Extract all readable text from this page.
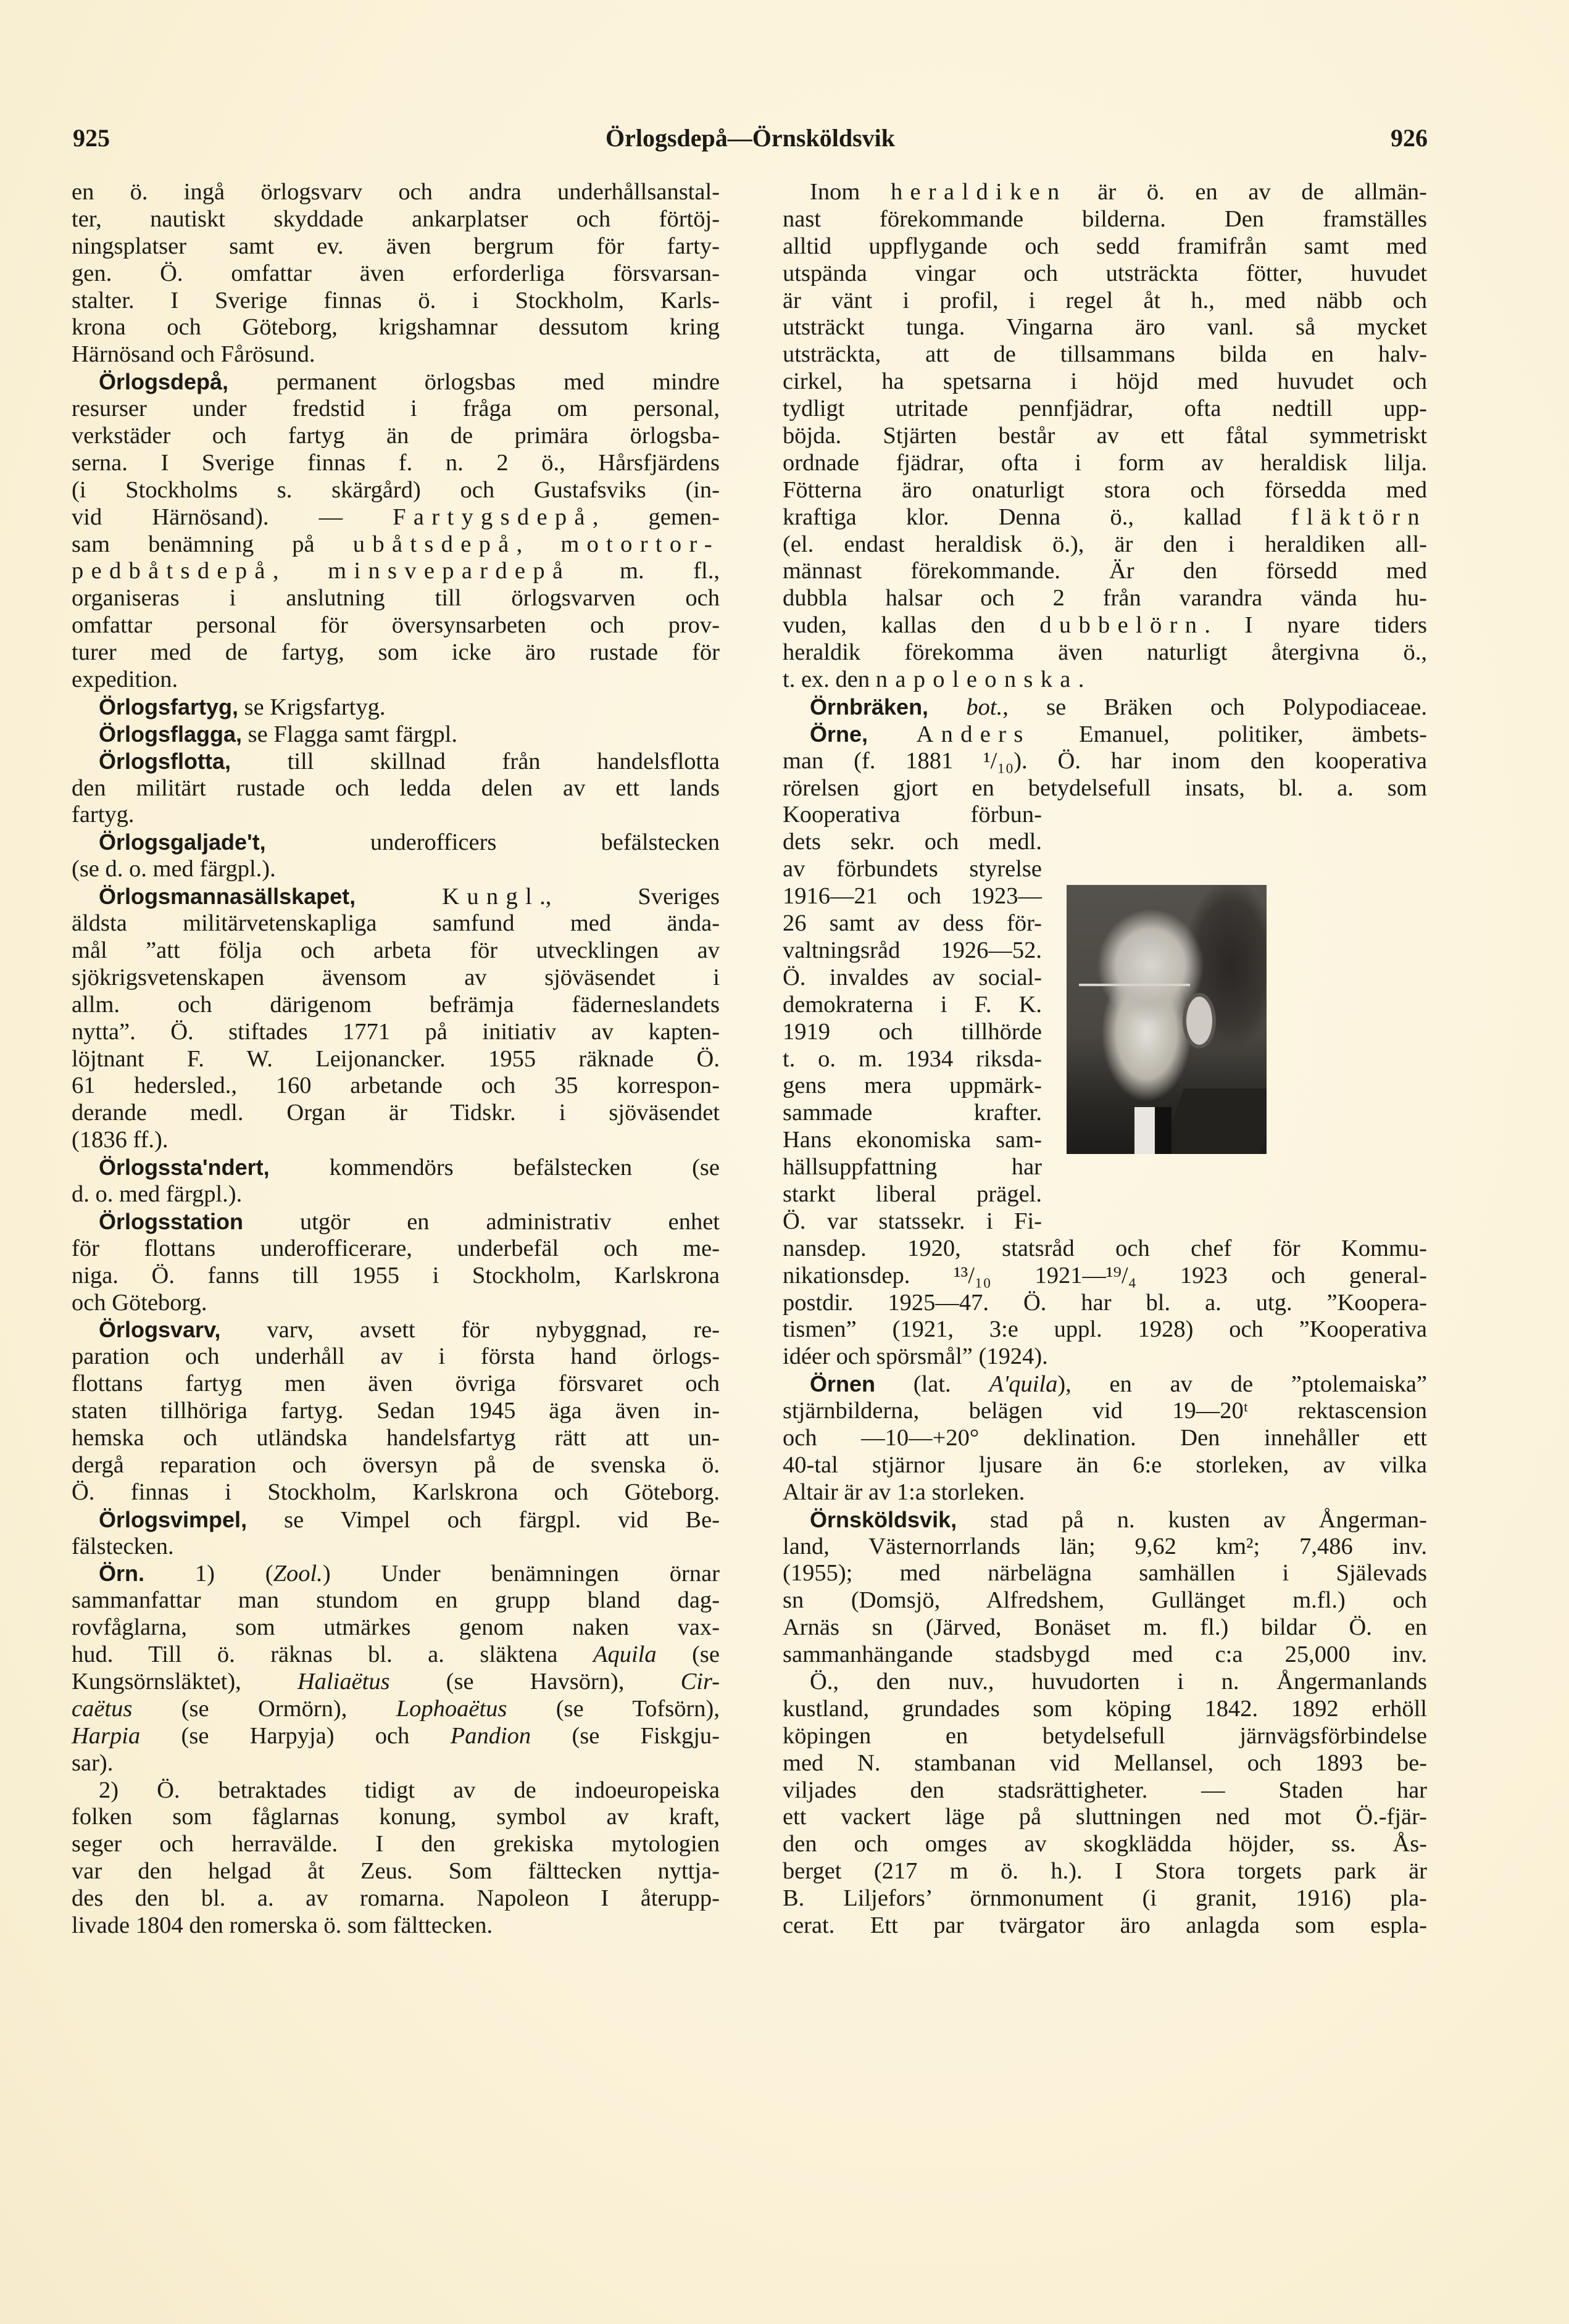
925	Örlogsdepå—Örnsköldsvik	926
en ö. ingå örlogsvarv och andra underhållsanstal-
ter, nautiskt skyddade ankarplatser och förtöj-
ningsplatser samt ev. även bergrum för farty-
gen. Ö. omfattar även erforderliga försvarsan-
stalter. I Sverige finnas ö. i Stockholm, Karls-
krona och Göteborg, krigshamnar dessutom kring
Härnösand och Fårösund.
Örlogsdepå, permanent örlogsbas med mindre
resurser under fredstid i fråga om personal,
verkstäder och fartyg än de primära örlogsba-
serna. I Sverige finnas f. n. 2 ö., Hårsfjärdens
(i Stockholms s. skärgård) och Gustafsviks (in-
vid Härnösand). — Fartygsdepå, gemen-
sam benämning på ubåtsdepå, motortor-
pedbåtsdepå, minsvepardepå m. fl.,
organiseras i anslutning till örlogsvarven och
omfattar personal för översynsarbeten och prov-
turer med de fartyg, som icke äro rustade för
expedition.
Örlogsfartyg, se Krigsfartyg.
Örlogsflagga, se Flagga samt färgpl.
Örlogsflotta, till skillnad från handelsflotta
den militärt rustade och ledda delen av ett lands
fartyg.
Örlogsgaljade't, underofficers befälstecken
(se d. o. med färgpl.).
Örlogsmannasällskapet,	Kungl., Sveriges
äldsta militärvetenskapliga samfund med ända-
mål ”att följa och arbeta för utvecklingen av
sjökrigsvetenskapen ävensom av sjöväsendet i
allm. och därigenom befrämja fäderneslandets
nytta”. Ö. stiftades 1771 på initiativ av kapten-
löjtnant F. W. Leijonancker. 1955 räknade Ö.
61 hedersled., 160 arbetande och 35 korrespon-
derande medl. Organ är Tidskr. i sjöväsendet
(1836 ff.).
Örlogssta'ndert, kommendörs befälstecken (se
d. o. med färgpl.).
Örlogsstation utgör en administrativ enhet
för flottans underofficerare, underbefäl och me-
niga. Ö. fanns till 1955 i Stockholm, Karlskrona
och Göteborg.
Örlogsvarv, varv, avsett för nybyggnad, re-
paration och underhåll av i första hand örlogs-
flottans fartyg men även övriga försvaret och
staten tillhöriga fartyg. Sedan 1945 äga även in-
hemska och utländska handelsfartyg rätt att un-
dergå reparation och översyn på de svenska ö.
Ö. finnas i Stockholm, Karlskrona och Göteborg.
Örlogsvimpel, se Vimpel och färgpl. vid Be-
fälstecken.
Örn. 1) (Zool.) Under benämningen örnar
sammanfattar man stundom en grupp bland dag-
rovfåglarna, som utmärkes genom naken vax-
hud. Till ö. räknas bl. a. släktena Aquila (se
Kungsörnsläktet), Haliaëtus (se Havsörn), Cir-
caëtus (se Ormörn), Lophoaëtus (se Tofsörn),
Harpia (se Harpyja) och Pandion (se Fiskgju-
sar).
2) Ö. betraktades tidigt av de indoeuropeiska
folken som fåglarnas konung, symbol av kraft,
seger och herravälde. I den grekiska mytologien
var den helgad åt Zeus. Som fälttecken nyttja-
des den bl. a. av romarna. Napoleon I återupp-
livade 1804 den romerska ö. som fälttecken.
Inom heraldiken är ö. en av de allmän-
nast förekommande bilderna. Den framställes
alltid uppflygande och sedd framifrån samt med
utspända vingar och utsträckta fötter, huvudet
är vänt i profil, i regel åt h., med näbb och
utsträckt tunga. Vingarna äro vanl. så mycket
utsträckta, att de tillsammans bilda en halv-
cirkel, ha spetsarna i höjd med huvudet och
tydligt utritade pennfjädrar, ofta nedtill upp-
böjda. Stjärten består av ett fåtal symmetriskt
ordnade fjädrar, ofta i form av heraldisk lilja.
Fötterna äro onaturligt stora och försedda med
kraftiga klor. Denna ö., kallad fläktörn
(el. endast heraldisk ö.), är den i heraldiken all-
männast förekommande. Är den försedd med
dubbla halsar och 2 från varandra vända hu-
vuden, kallas den dubbelörn. I nyare tiders
heraldik förekomma även naturligt återgivna ö.,
t. ex. den napoleonska.
Örnbräken, bot., se Bräken och Polypodiaceae.
Örne, Anders Emanuel, politiker, ämbets-
man (f. 1881 ¹/₁₀). Ö. har inom den kooperativa
rörelsen gjort en betydelsefull insats, bl. a. som
Kooperativa förbun-
dets sekr. och medl.
av förbundets styrelse
1916—21 och 1923—
26 samt av dess för-
valtningsråd 1926—52.
Ö. invaldes av social-
demokraterna i F. K.
1919 och tillhörde
t. o. m. 1934 riksda-
gens mera uppmärk-
sammade krafter.
Hans ekonomiska sam-
hällsuppfattning har
starkt liberal prägel.
Ö. var statssekr. i Fi-
nansdep. 1920, statsråd och chef för Kommu-
nikationsdep. ¹³/₁₀ 1921—¹⁹/₄ 1923 och general-
postdir. 1925—47. Ö. har bl. a. utg. ”Koopera-
tismen” (1921, 3:e uppl. 1928) och ”Kooperativa
idéer och spörsmål” (1924).
Örnen (lat. A'quila), en av de ”ptolemaiska”
stjärnbilderna, belägen vid 19—20ᵗ rektascension
och —10—+20° deklination. Den innehåller ett
40-tal stjärnor ljusare än 6:e storleken, av vilka
Altair är av 1:a storleken.
Örnsköldsvik, stad på n. kusten av Ångerman-
land, Västernorrlands län; 9,62 km²; 7,486 inv.
(1955); med närbelägna samhällen i Själevads
sn (Domsjö, Alfredshem, Gullänget m.fl.) och
Arnäs sn (Järved, Bonäset m. fl.) bildar Ö. en
sammanhängande stadsbygd med c:a 25,000 inv.
Ö., den nuv., huvudorten i n. Ångermanlands
kustland, grundades som köping 1842. 1892 erhöll
köpingen en betydelsefull järnvägsförbindelse
med N. stambanan vid Mellansel, och 1893 be-
viljades den stadsrättigheter. — Staden har
ett vackert läge på sluttningen ned mot Ö.-fjär-
den och omges av skogklädda höjder, ss. Ås-
berget (217 m ö. h.). I Stora torgets park är
B. Liljefors’ örnmonument (i granit, 1916) pla-
cerat. Ett par tvärgator äro anlagda som espla-
